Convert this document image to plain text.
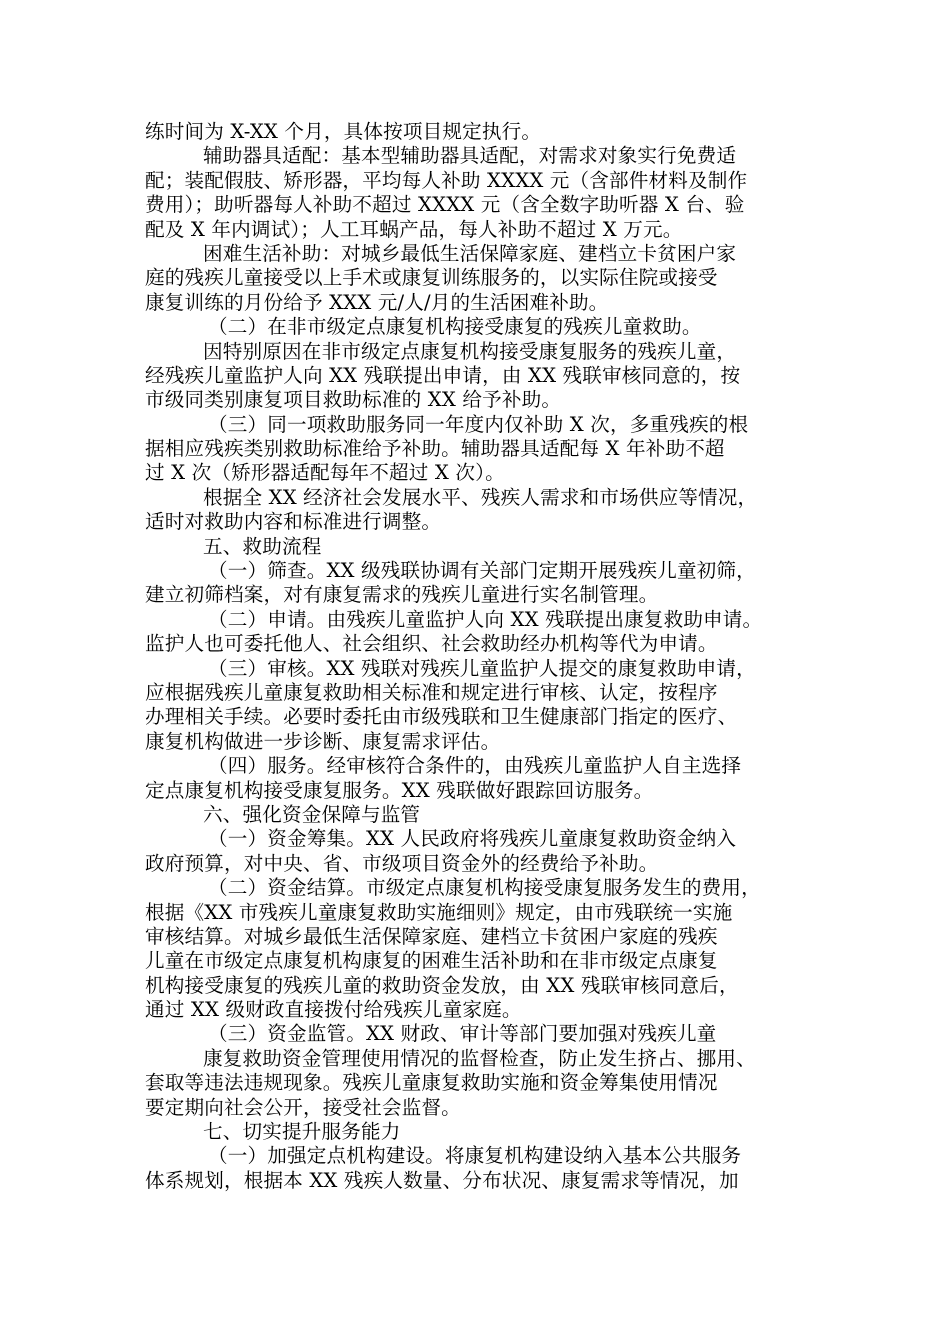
练时间为 X-XX 个月，具体按项目规定执行。
辅助器具适配：基本型辅助器具适配，对需求对象实行免费适
配；装配假肢、矫形器，平均每人补助 XXXX 元（含部件材料及制作
费用）；助听器每人补助不超过 XXXX 元（含全数字助听器 X 台、验
配及 X 年内调试）；人工耳蜗产品，每人补助不超过 X 万元。
困难生活补助：对城乡最低生活保障家庭、建档立卡贫困户家
庭的残疾儿童接受以上手术或康复训练服务的，以实际住院或接受
康复训练的月份给予 XXX 元/人/月的生活困难补助。
（二）在非市级定点康复机构接受康复的残疾儿童救助。
因特别原因在非市级定点康复机构接受康复服务的残疾儿童，
经残疾儿童监护人向 XX 残联提出申请，由 XX 残联审核同意的，按
市级同类别康复项目救助标准的 XX 给予补助。
（三）同一项救助服务同一年度内仅补助 X 次，多重残疾的根
据相应残疾类别救助标准给予补助。辅助器具适配每 X 年补助不超
过 X 次（矫形器适配每年不超过 X 次）。
根据全 XX 经济社会发展水平、残疾人需求和市场供应等情况，
适时对救助内容和标准进行调整。
五、救助流程
（一）筛查。XX 级残联协调有关部门定期开展残疾儿童初筛，
建立初筛档案，对有康复需求的残疾儿童进行实名制管理。
（二）申请。由残疾儿童监护人向 XX 残联提出康复救助申请。
监护人也可委托他人、社会组织、社会救助经办机构等代为申请。
（三）审核。XX 残联对残疾儿童监护人提交的康复救助申请，
应根据残疾儿童康复救助相关标准和规定进行审核、认定，按程序
办理相关手续。必要时委托由市级残联和卫生健康部门指定的医疗、
康复机构做进一步诊断、康复需求评估。
（四）服务。经审核符合条件的，由残疾儿童监护人自主选择
定点康复机构接受康复服务。XX 残联做好跟踪回访服务。
六、强化资金保障与监管
（一）资金筹集。XX 人民政府将残疾儿童康复救助资金纳入
政府预算，对中央、省、市级项目资金外的经费给予补助。
（二）资金结算。市级定点康复机构接受康复服务发生的费用，
根据《XX 市残疾儿童康复救助实施细则》规定，由市残联统一实施
审核结算。对城乡最低生活保障家庭、建档立卡贫困户家庭的残疾
儿童在市级定点康复机构康复的困难生活补助和在非市级定点康复
机构接受康复的残疾儿童的救助资金发放，由 XX 残联审核同意后，
通过 XX 级财政直接拨付给残疾儿童家庭。
（三）资金监管。XX 财政、审计等部门要加强对残疾儿童
康复救助资金管理使用情况的监督检查，防止发生挤占、挪用、
套取等违法违规现象。残疾儿童康复救助实施和资金筹集使用情况
要定期向社会公开，接受社会监督。
七、切实提升服务能力
（一）加强定点机构建设。将康复机构建设纳入基本公共服务
体系规划，根据本 XX 残疾人数量、分布状况、康复需求等情况，加
